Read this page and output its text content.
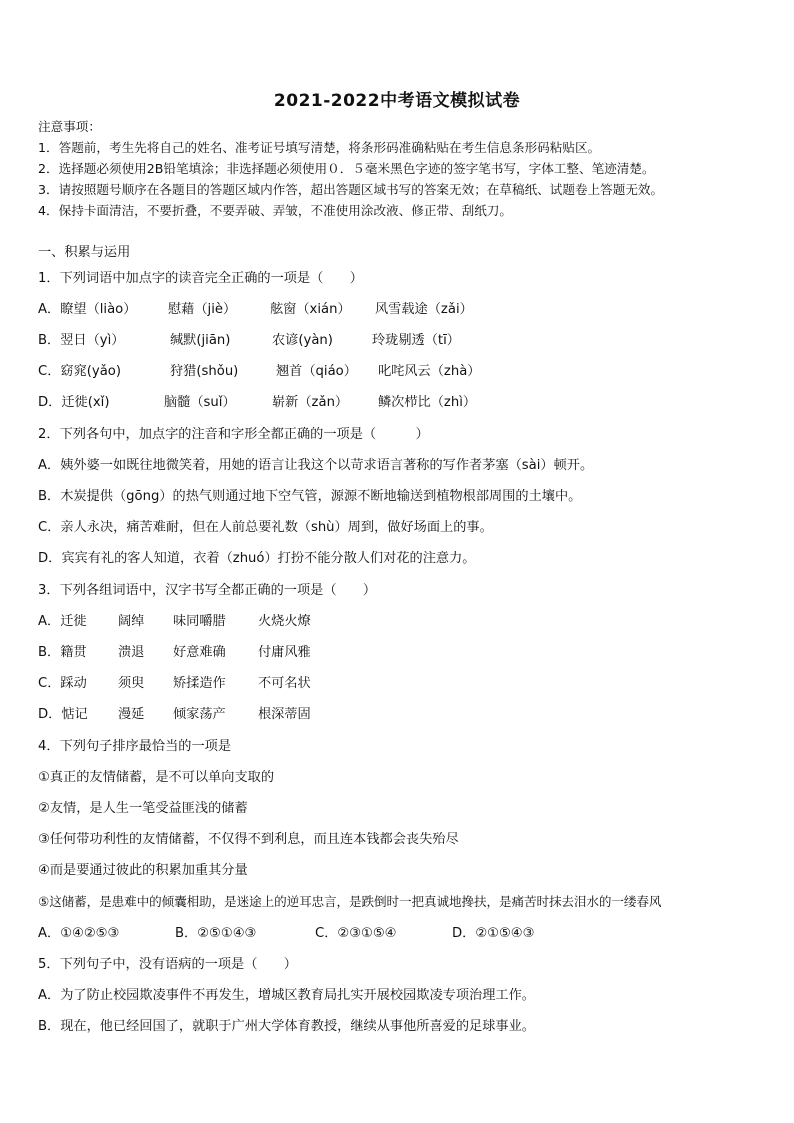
2021-2022中考语文模拟试卷
注意事项：
1．答题前，考生先将自己的姓名、准考证号填写清楚，将条形码准确粘贴在考生信息条形码粘贴区。
2．选择题必须使用2B铅笔填涂；非选择题必须使用０．５毫米黑色字迹的签字笔书写，字体工整、笔迹清楚。
3．请按照题号顺序在各题目的答题区域内作答，超出答题区域书写的答案无效；在草稿纸、试题卷上答题无效。
4．保持卡面清洁，不要折叠，不要弄破、弄皱，不准使用涂改液、修正带、刮纸刀。
一、积累与运用
1．下列词语中加点字的读音完全正确的一项是（　　）
A．瞭望（liào） 慰藉（jiè）	舷窗（xián） 风雪载途（zǎi）
B．翌日（yì）	缄默(jiān)	农谚(yàn)	玲珑剔透（tī）
C．窈窕(yǎo)	狩猎(shǒu)	翘首（qiáo） 叱咤风云（zhà）
D．迁徙(xǐ)	脑髓（suǐ）	崭新（zǎn） 鳞次栉比（zhì）
2．下列各句中，加点字的注音和字形全都正确的一项是（　　　）
A．姨外婆一如既往地微笑着，用她的语言让我这个以苛求语言著称的写作者茅塞（sài）顿开。
B．木炭提供（gōng）的热气则通过地下空气管，源源不断地输送到植物根部周围的土壤中。
C．亲人永决，痛苦难耐，但在人前总要礼数（shù）周到，做好场面上的事。
D．宾宾有礼的客人知道，衣着（zhuó）打扮不能分散人们对花的注意力。
3．下列各组词语中，汉字书写全都正确的一项是（　　）
A．迁徙 阔绰 味同嚼腊 火烧火燎
B．籍贯 溃退 好意难确 付庸风雅
C．踩动 须臾 矫揉造作 不可名状
D．惦记 漫延 倾家荡产 根深蒂固
4．下列句子排序最恰当的一项是
①真正的友情储蓄，是不可以单向支取的
②友情，是人生一笔受益匪浅的储蓄
③任何带功利性的友情储蓄，不仅得不到利息，而且连本钱都会丧失殆尽
④而是要通过彼此的积累加重其分量
⑤这储蓄，是患难中的倾囊相助，是迷途上的逆耳忠言，是跌倒时一把真诚地搀扶，是痛苦时抹去泪水的一缕春风
A．①④②⑤③	B．②⑤①④③	C．②③①⑤④	D．②①⑤④③
5．下列句子中，没有语病的一项是（　　）
A．为了防止校园欺凌事件不再发生，增城区教育局扎实开展校园欺凌专项治理工作。
B．现在，他已经回国了，就职于广州大学体育教授，继续从事他所喜爱的足球事业。
